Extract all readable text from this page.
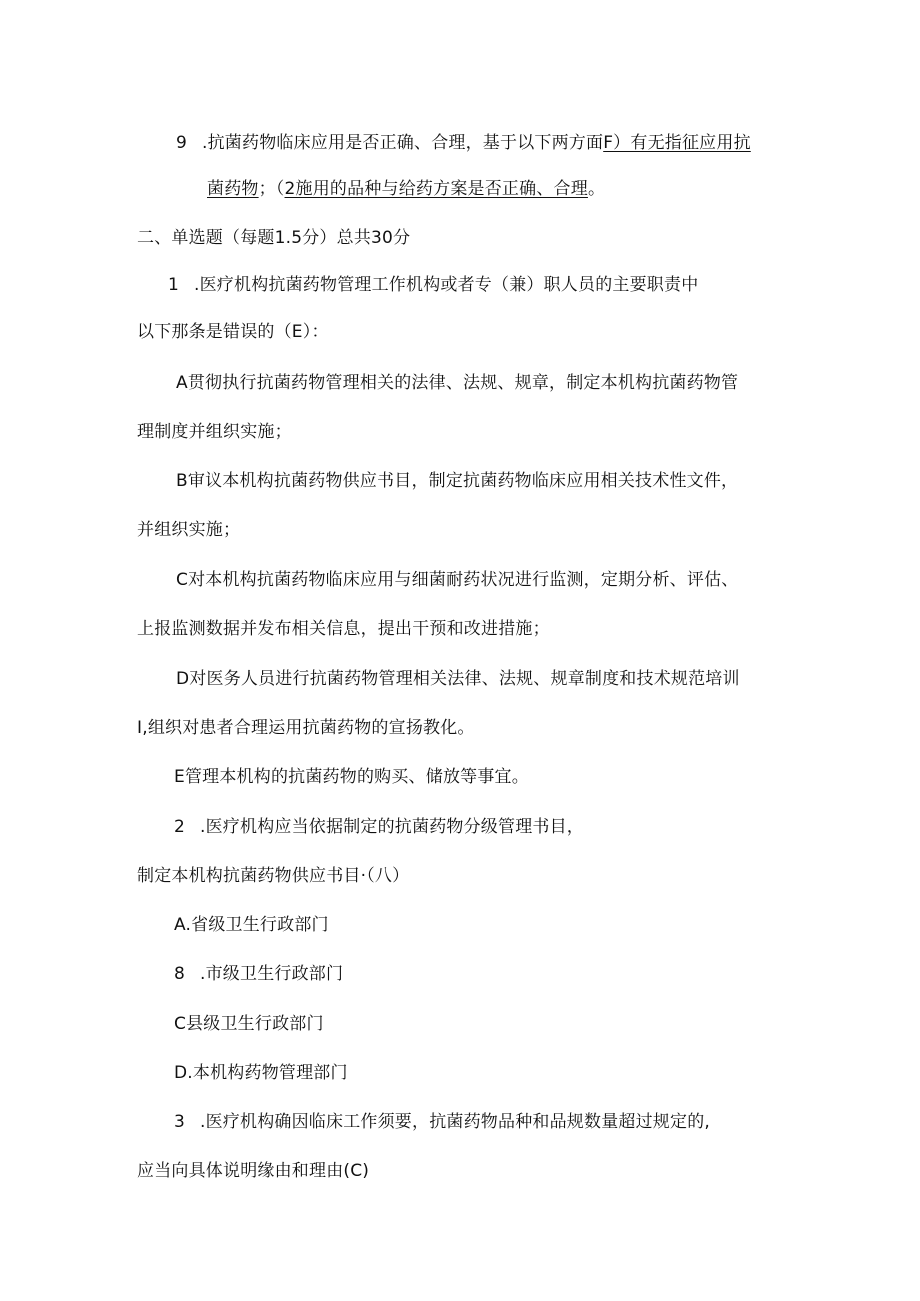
9 .抗菌药物临床应用是否正确、合理，基于以下两方面F）有无指征应用抗
菌药物；（2施用的品种与给药方案是否正确、合理。
二、单选题（每题1.5分）总共30分
1 .医疗机构抗菌药物管理工作机构或者专（兼）职人员的主要职责中
以下那条是错误的（E）：
A贯彻执行抗菌药物管理相关的法律、法规、规章，制定本机构抗菌药物管
理制度并组织实施；
B审议本机构抗菌药物供应书目，制定抗菌药物临床应用相关技术性文件，
并组织实施；
C对本机构抗菌药物临床应用与细菌耐药状况进行监测，定期分析、评估、
上报监测数据并发布相关信息，提出干预和改进措施；
D对医务人员进行抗菌药物管理相关法律、法规、规章制度和技术规范培训
I,组织对患者合理运用抗菌药物的宣扬教化。
E管理本机构的抗菌药物的购买、储放等事宜。
2 .医疗机构应当依据制定的抗菌药物分级管理书目，
制定本机构抗菌药物供应书目·（八）
A.省级卫生行政部门
8 .市级卫生行政部门
C县级卫生行政部门
D.本机构药物管理部门
3 .医疗机构确因临床工作须要，抗菌药物品种和品规数量超过规定的,
应当向具体说明缘由和理由(C)
